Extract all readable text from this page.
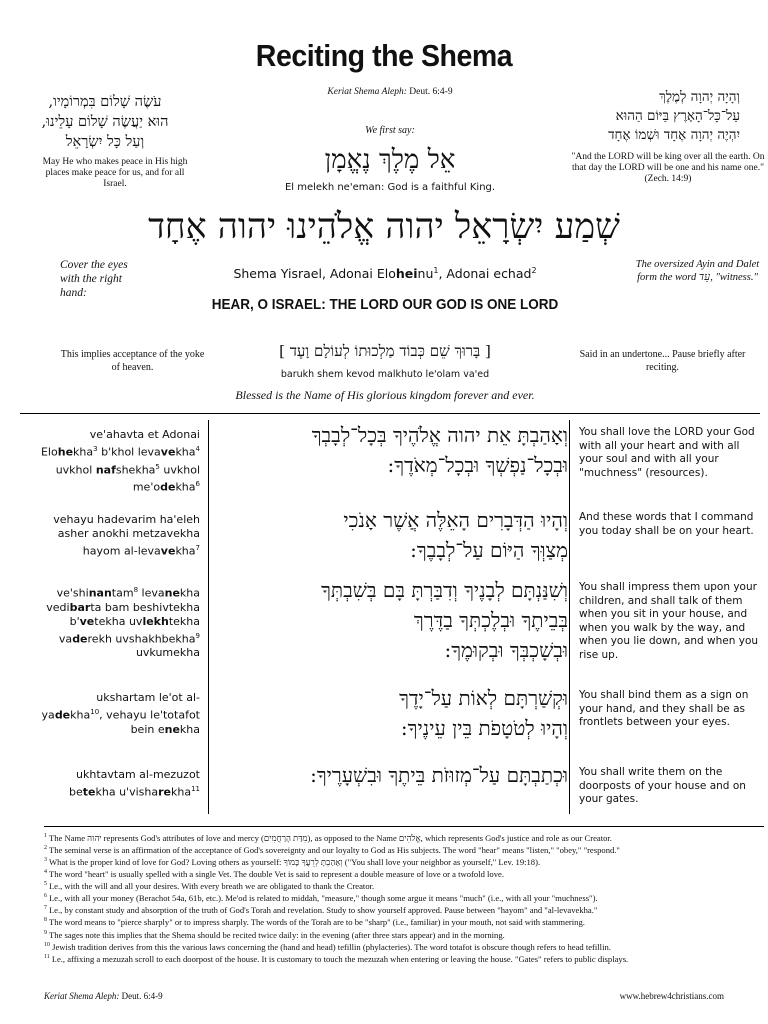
Reciting the Shema
עֹשֶׂה שָׁלוֹם בִּמְרוֹמָיו,
הוּא יַעֲשֶׂה שָׁלוֹם עָלֵינוּ,
וְעַל כָּל יִשְׂרָאֵל
May He who makes peace in His high places make peace for us, and for all Israel.
Keriat Shema Aleph: Deut. 6:4-9
We first say:
אֵל מֶלֶךְ נֶאֱמָן
El melekh ne'eman: God is a faithful King.
וְהָיָה יְהוָה לְמֶלֶךְ
עַל־כָּל־הָאָרֶץ בַּיּוֹם הַהוּא
יִהְיֶה יְהוָה אֶחָד וּשְׁמוֹ אֶחָד
"And the LORD will be king over all the earth. On that day the LORD will be one and his name one." (Zech. 14:9)
שְׁמַע יִשְׂרָאֵל יהוה אֱלֹהֵינוּ יהוה אֶחָד
Cover the eyes with the right hand:
The oversized Ayin and Dalet form the word עֵד, "witness."
Shema Yisrael, Adonai Eloheinu$^1$, Adonai echad$^2$
HEAR, O ISRAEL: THE LORD OUR GOD IS ONE LORD
This implies acceptance of the yoke of heaven.
[ בָּרוּךְ שֵׁם כְּבוֹד מַלְכוּתוֹ לְעוֹלָם וָעֶד ]
barukh shem kevod malkhuto le'olam va'ed
Said in an undertone... Pause briefly after reciting.
Blessed is the Name of His glorious kingdom forever and ever.
ve'ahavta et Adonai
Elohekha$^3$ b'khol levavekha$^4$
uvkhol nafshekha$^5$ uvkhol
me'odekha$^6$
וְאָהַבְתָּ אֵת יהוה אֱלֹהֶיךָ בְּכָל־לְבָבְךָ
וּבְכָל־נַפְשְׁךָ וּבְכָל־מְאֹדֶךָ:
You shall love the LORD your God with all your heart and with all your soul and with all your "muchness" (resources).
vehayu hadevarim ha'eleh
asher anokhi metzavekha
hayom al-levavekha$^7$
וְהָיוּ הַדְּבָרִים הָאֵלֶּה אֲשֶׁר אָנֹכִי
מְצַוְּךָ הַיּוֹם עַל־לְבָבֶךָ:
And these words that I command you today shall be on your heart.
ve'shinantam$^8$ levanekha
vedibarta bam beshivtekha
b'vetekha uvlekhtekha
vaderekh uvshakhbekha$^9$
uvkumekha
וְשִׁנַּנְתָּם לְבָנֶיךָ וְדִבַּרְתָּ בָּם בְּשִׁבְתְּךָ
בְּבֵיתֶךָ וּבְלֶכְתְּךָ בַדֶּרֶךְ
וּבְשָׁכְבְּךָ וּבְקוּמֶךָ:
You shall impress them upon your children, and shall talk of them when you sit in your house, and when you walk by the way, and when you lie down, and when you rise up.
ukshartam le'ot al-
yadekha$^{10}$, vehayu le'totafot
bein enekha
וּקְשַׁרְתָּם לְאוֹת עַל־יָדֶךָ
וְהָיוּ לְטֹטָפֹת בֵּין עֵינֶיךָ:
You shall bind them as a sign on your hand, and they shall be as frontlets between your eyes.
ukhtavtam al-mezuzot
betekha u'visharekha$^{11}$
וּכְתַבְתָּם עַל־מְזוּזֹת בֵּיתֶךָ וּבִשְׁעָרֶיךָ: You shall write them on the doorposts of your house and on your gates.
$^1$ The Name יהוה represents God's attributes of love and mercy (מִדַּת הָרַחֲמִים), as opposed to the Name אֱלֹהִים, which represents God's justice and role as our Creator.
$^2$ The seminal verse is an affirmation of the acceptance of God's sovereignty and our loyalty to God as His subjects. The word "hear" means "listen," "obey," "respond."
$^3$ What is the proper kind of love for God? Loving others as yourself: וְאָהַבְתָּ לְרֵעֲךָ כָּמוֹךָ ("You shall love your neighbor as yourself," Lev. 19:18).
$^4$ The word "heart" is usually spelled with a single Vet. The double Vet is said to represent a double measure of love or a twofold love.
$^5$ I.e., with the will and all your desires. With every breath we are obligated to thank the Creator.
$^6$ I.e., with all your money (Berachot 54a, 61b, etc.). Me'od is related to middah, "measure," though some argue it means "much" (i.e., with all your "muchness").
$^7$ I.e., by constant study and absorption of the truth of God's Torah and revelation. Study to show yourself approved. Pause between "hayom" and "al-levavekha."
$^8$ The word means to "pierce sharply" or to impress sharply. The words of the Torah are to be "sharp" (i.e., familiar) in your mouth, not said with stammering.
$^9$ The sages note this implies that the Shema should be recited twice daily: in the evening (after three stars appear) and in the morning.
$^{10}$ Jewish tradition derives from this the various laws concerning the (hand and head) tefillin (phylacteries). The word totafot is obscure though refers to head tefillin.
$^{11}$ I.e., affixing a mezuzah scroll to each doorpost of the house. It is customary to touch the mezuzah when entering or leaving the house. "Gates" refers to public displays.
Keriat Shema Aleph: Deut. 6:4-9	www.hebrew4christians.com
